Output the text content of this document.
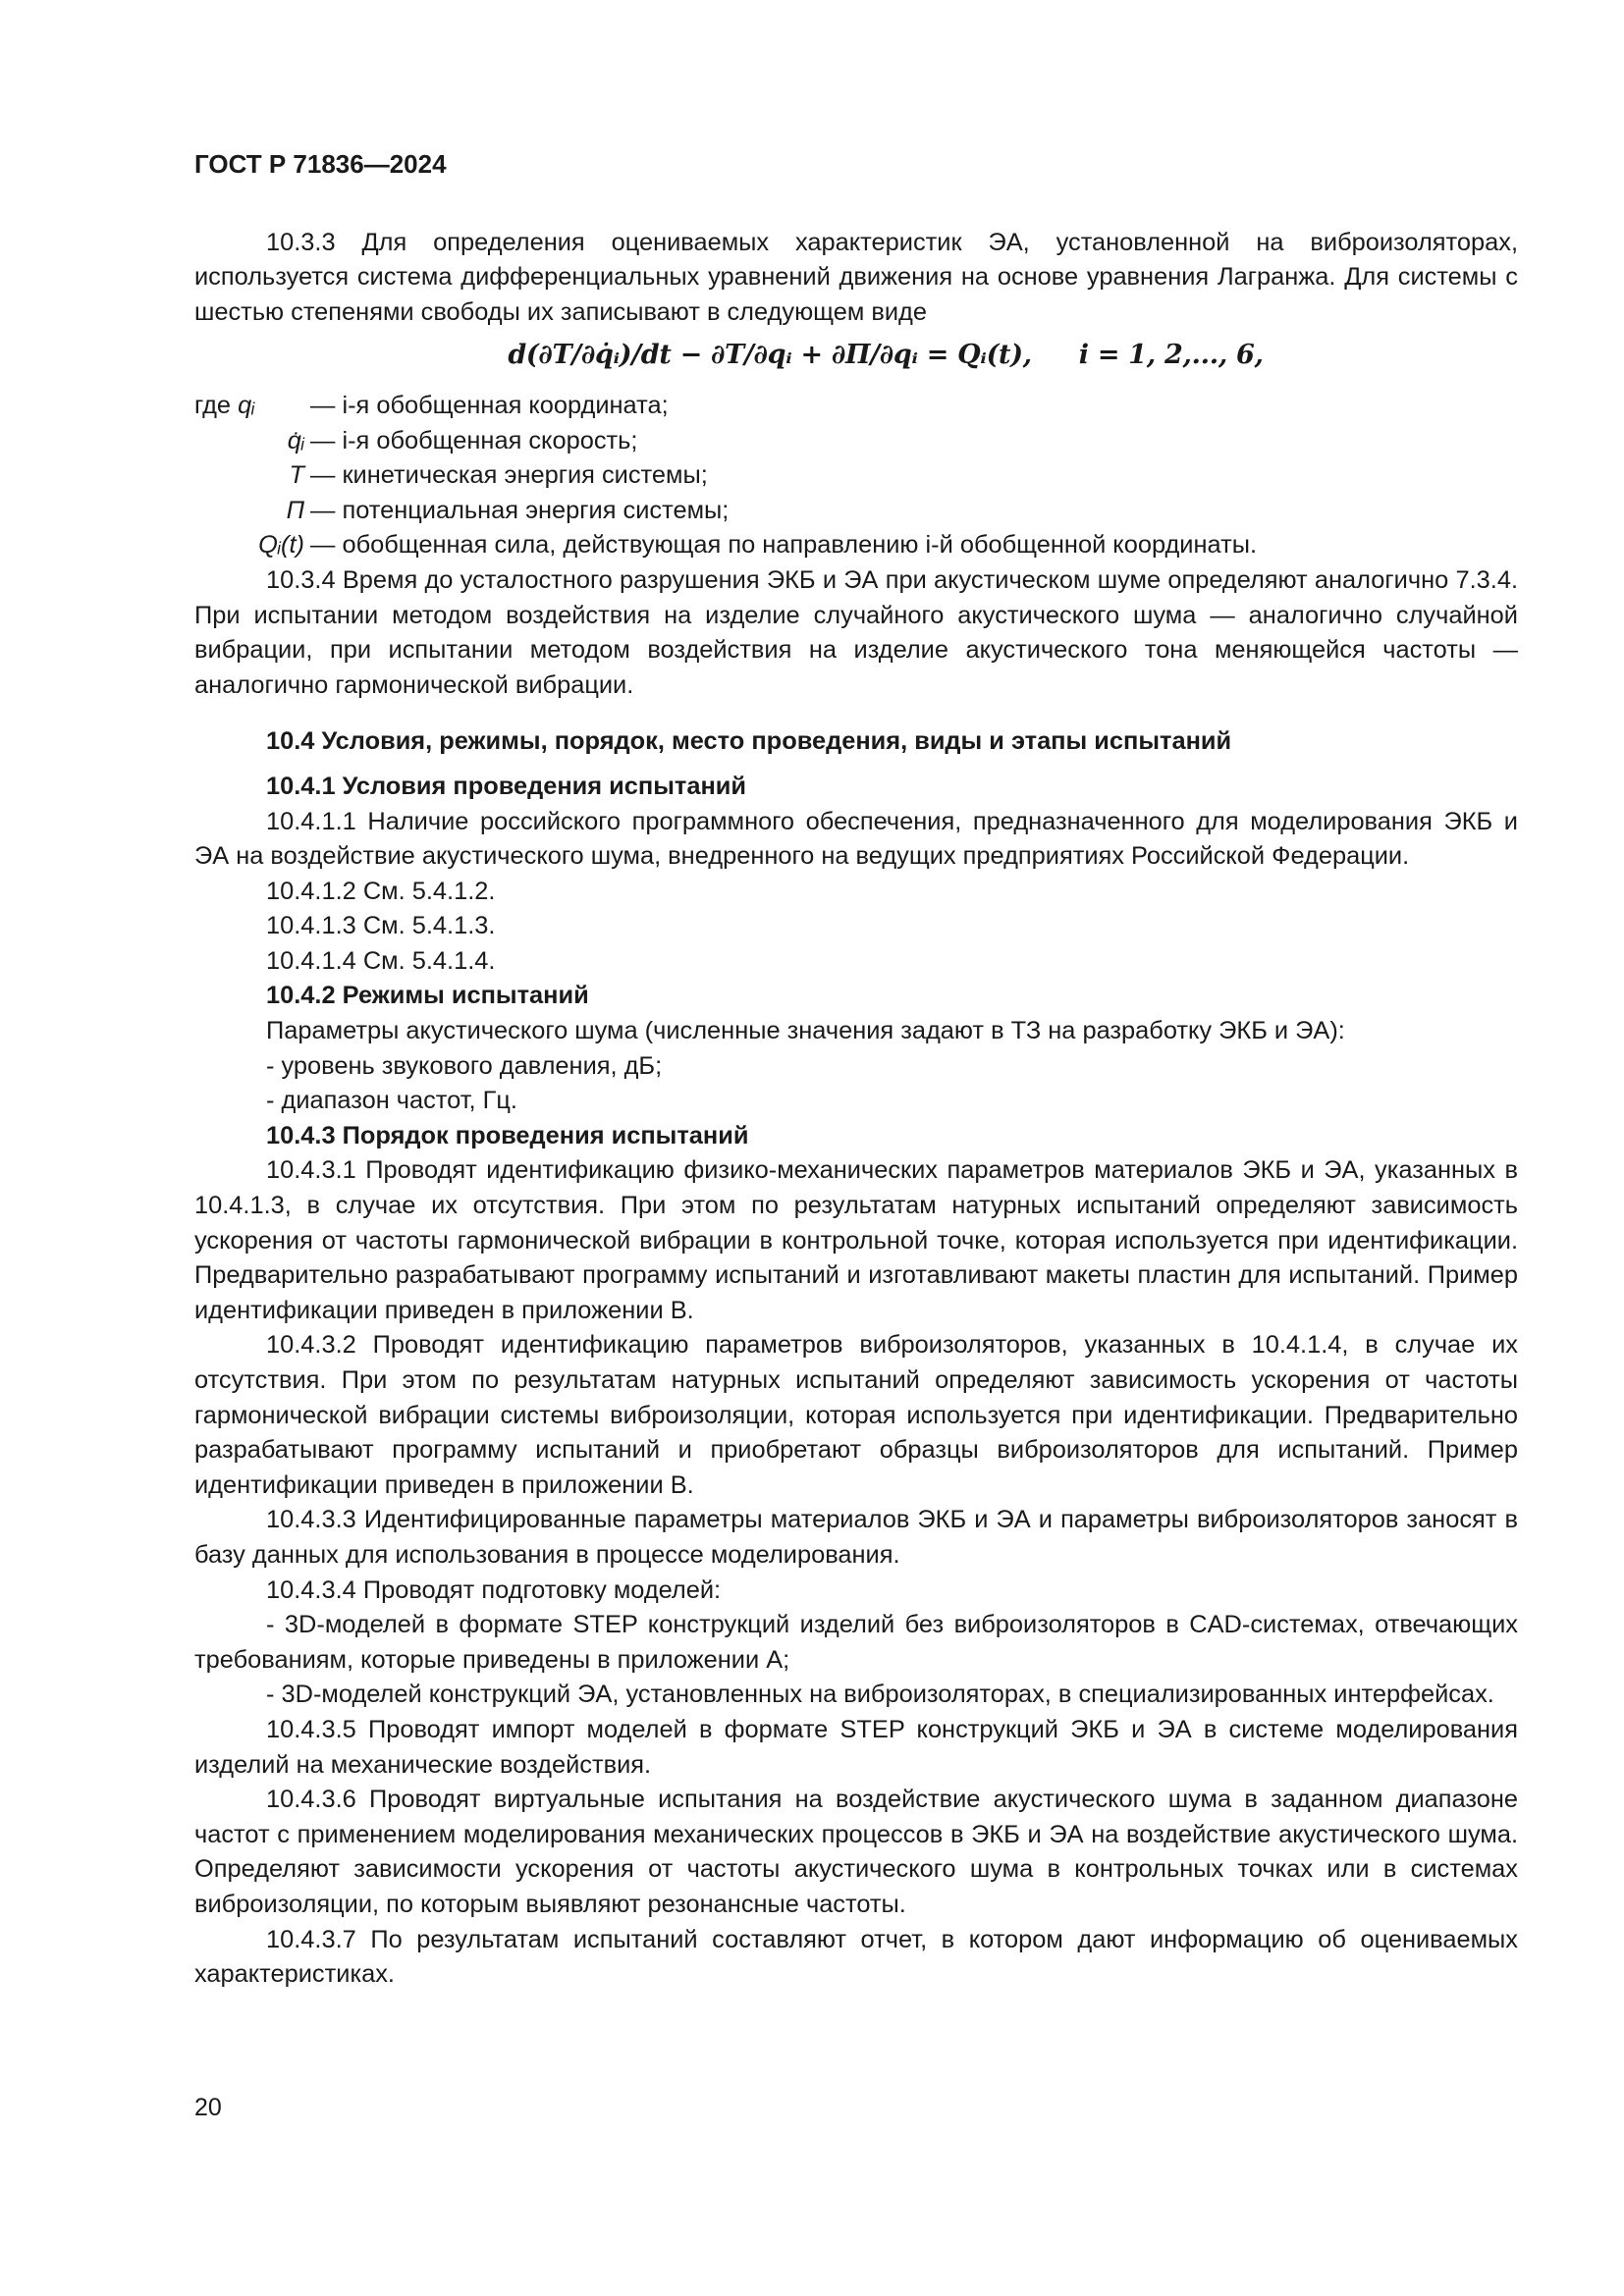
ГОСТ Р 71836—2024

10.3.3 Для определения оцениваемых характеристик ЭА, установленной на виброизоляторах, используется система дифференциальных уравнений движения на основе уравнения Лагранжа. Для системы с шестью степенями свободы их записывают в следующем виде

d(∂T/∂q̇ᵢ)/dt − ∂T/∂qᵢ + ∂П/∂qᵢ = Qᵢ(t), i = 1, 2,..., 6,
где qᵢ	— i-я обобщенная координата;
q̇ᵢ — i-я обобщенная скорость;
T — кинетическая энергия системы;
П — потенциальная энергия системы;
Qᵢ(t) — обобщенная сила, действующая по направлению i-й обобщенной координаты.

10.3.4 Время до усталостного разрушения ЭКБ и ЭА при акустическом шуме определяют аналогично 7.3.4. При испытании методом воздействия на изделие случайного акустического шума — аналогично случайной вибрации, при испытании методом воздействия на изделие акустического тона меняющейся частоты — аналогично гармонической вибрации.

10.4 Условия, режимы, порядок, место проведения, виды и этапы испытаний
10.4.1 Условия проведения испытаний

10.4.1.1 Наличие российского программного обеспечения, предназначенного для моделирования ЭКБ и ЭА на воздействие акустического шума, внедренного на ведущих предприятиях Российской Федерации.

10.4.1.2 См. 5.4.1.2.

10.4.1.3 См. 5.4.1.3.

10.4.1.4 См. 5.4.1.4.

10.4.2 Режимы испытаний

Параметры акустического шума (численные значения задают в ТЗ на разработку ЭКБ и ЭА):

- уровень звукового давления, дБ;

- диапазон частот, Гц.

10.4.3 Порядок проведения испытаний

10.4.3.1 Проводят идентификацию физико-механических параметров материалов ЭКБ и ЭА, указанных в 10.4.1.3, в случае их отсутствия. При этом по результатам натурных испытаний определяют зависимость ускорения от частоты гармонической вибрации в контрольной точке, которая используется при идентификации. Предварительно разрабатывают программу испытаний и изготавливают макеты пластин для испытаний. Пример идентификации приведен в приложении В.

10.4.3.2 Проводят идентификацию параметров виброизоляторов, указанных в 10.4.1.4, в случае их отсутствия. При этом по результатам натурных испытаний определяют зависимость ускорения от частоты гармонической вибрации системы виброизоляции, которая используется при идентификации. Предварительно разрабатывают программу испытаний и приобретают образцы виброизоляторов для испытаний. Пример идентификации приведен в приложении В.

10.4.3.3 Идентифицированные параметры материалов ЭКБ и ЭА и параметры виброизоляторов заносят в базу данных для использования в процессе моделирования.

10.4.3.4 Проводят подготовку моделей:

- 3D-моделей в формате STEP конструкций изделий без виброизоляторов в CAD-системах, отвечающих требованиям, которые приведены в приложении А;

- 3D-моделей конструкций ЭА, установленных на виброизоляторах, в специализированных интерфейсах.

10.4.3.5 Проводят импорт моделей в формате STEP конструкций ЭКБ и ЭА в системе моделирования изделий на механические воздействия.

10.4.3.6 Проводят виртуальные испытания на воздействие акустического шума в заданном диапазоне частот с применением моделирования механических процессов в ЭКБ и ЭА на воздействие акустического шума. Определяют зависимости ускорения от частоты акустического шума в контрольных точках или в системах виброизоляции, по которым выявляют резонансные частоты.

10.4.3.7 По результатам испытаний составляют отчет, в котором дают информацию об оцениваемых характеристиках.

20
